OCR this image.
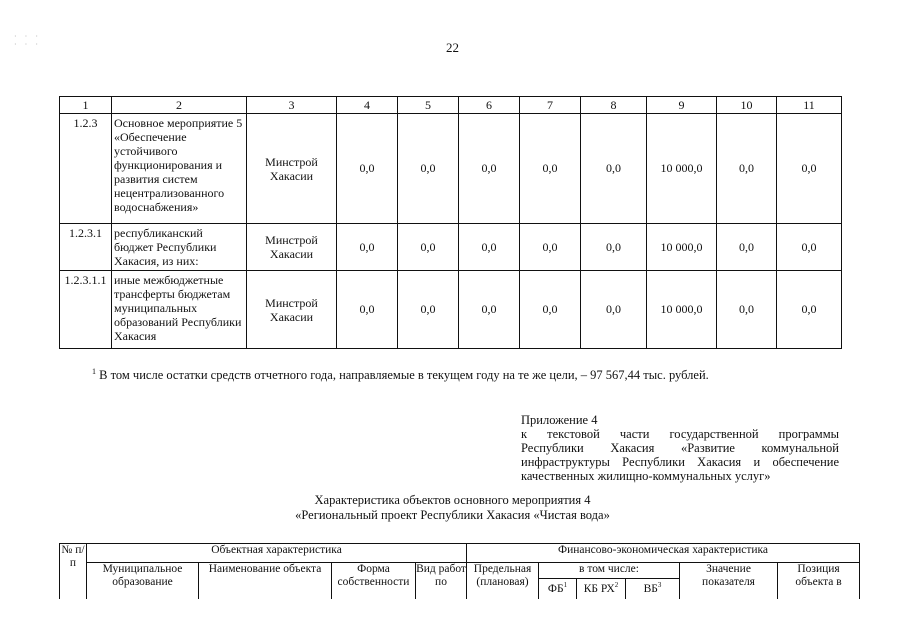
· · ·
· · ·	22
1	2	3	4	5	6	7	8	9	10	11
1.2.3	Основное мероприятие 5 «Обеспечение устойчивого функционирования и развития систем нецентрализованного водоснабжения»	Минстрой Хакасии	0,0	0,0	0,0	0,0	0,0	10 000,0	0,0	0,0
1.2.3.1	республиканский бюджет Республики Хакасия, из них:	Минстрой Хакасии	0,0	0,0	0,0	0,0	0,0	10 000,0	0,0	0,0
1.2.3.1.1	иные межбюджетные трансферты бюджетам муниципальных образований Республики Хакасия	Минстрой Хакасии	0,0	0,0	0,0	0,0	0,0	10 000,0	0,0	0,0
$^1$ В том числе остатки средств отчетного года, направляемые в текущем году на те же цели, – 97 567,44 тыс. рублей.
Приложение 4
к текстовой части государственной программы
Республики Хакасия «Развитие коммунальной
инфраструктуры Республики Хакасия и обеспечение
качественных жилищно-коммунальных услуг»
Характеристика объектов основного мероприятия 4
«Региональный проект Республики Хакасия «Чистая вода»
№ п/п	Объектная характеристика				Финансово-экономическая характеристика					
	Муниципальное образование	Наименование объекта	Форма собственности	Вид работ по	Предельная (плановая)	в том числе:			Значение показателя	Позиция объекта в
						$ФБ^1$	КБ $РХ^2$	$ВБ^3$
